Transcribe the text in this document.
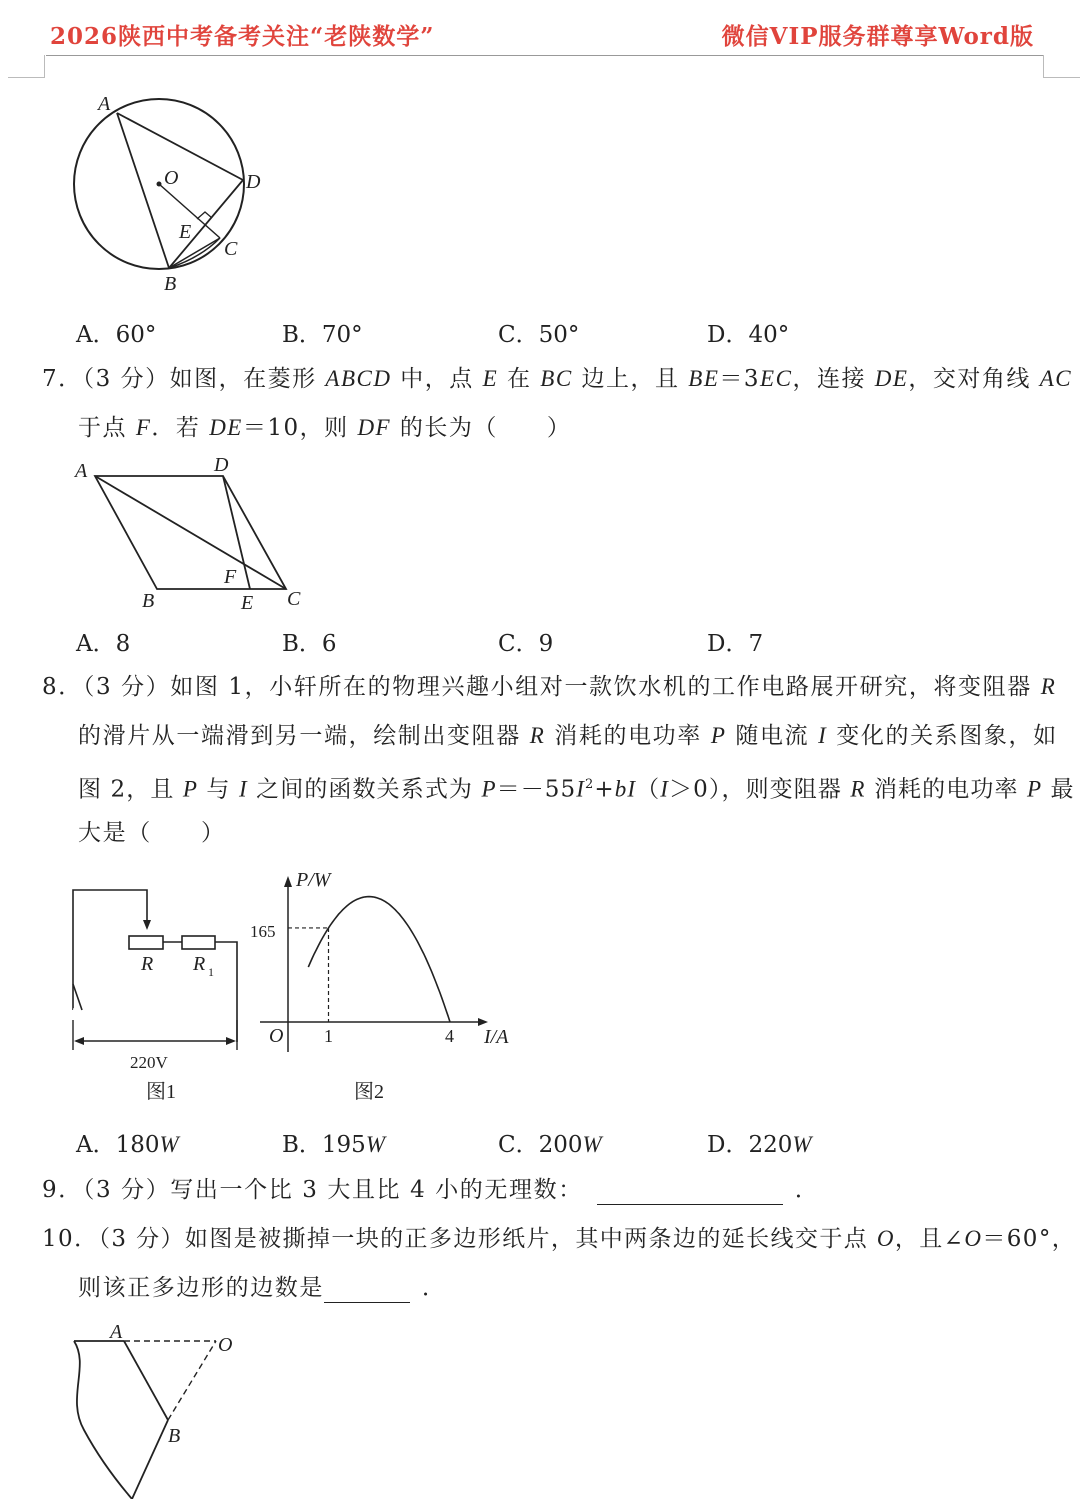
2026陕西中考备考关注“老陕数学”	微信VIP服务群尊享Word版
A
O	D
E
C
B
A．60°	B．70°	C．50°	D．40°
7．（3 分）如图，在菱形 ABCD 中，点 E 在 BC 边上，且 BE＝3EC，连接 DE，交对角线 AC
于点 F．若 DE＝10，则 DF 的长为（　　）
A	D
F
B	E C
A．8	B．6	C．9	D．7
8．（3 分）如图 1，小轩所在的物理兴趣小组对一款饮水机的工作电路展开研究，将变阻器 R
的滑片从一端滑到另一端，绘制出变阻器 R 消耗的电功率 P 随电流 I 变化的关系图象，如
图 2，且 P 与 I 之间的函数关系式为 $P=-55I^2+bI(I>0)$，则变阻器 R 消耗的电功率 P 最
大是（　　）
R R 1
220V
图1
P/W
I/A
165
O 1	4
图2
A．180W	B．195W	C．200W	D．220W
9．（3 分）写出一个比 3 大且比 4 小的无理数：	．
10．（3 分）如图是被撕掉一块的正多边形纸片，其中两条边的延长线交于点 O，且∠O＝60°，
则该正多边形的边数是	．
A
O
B
